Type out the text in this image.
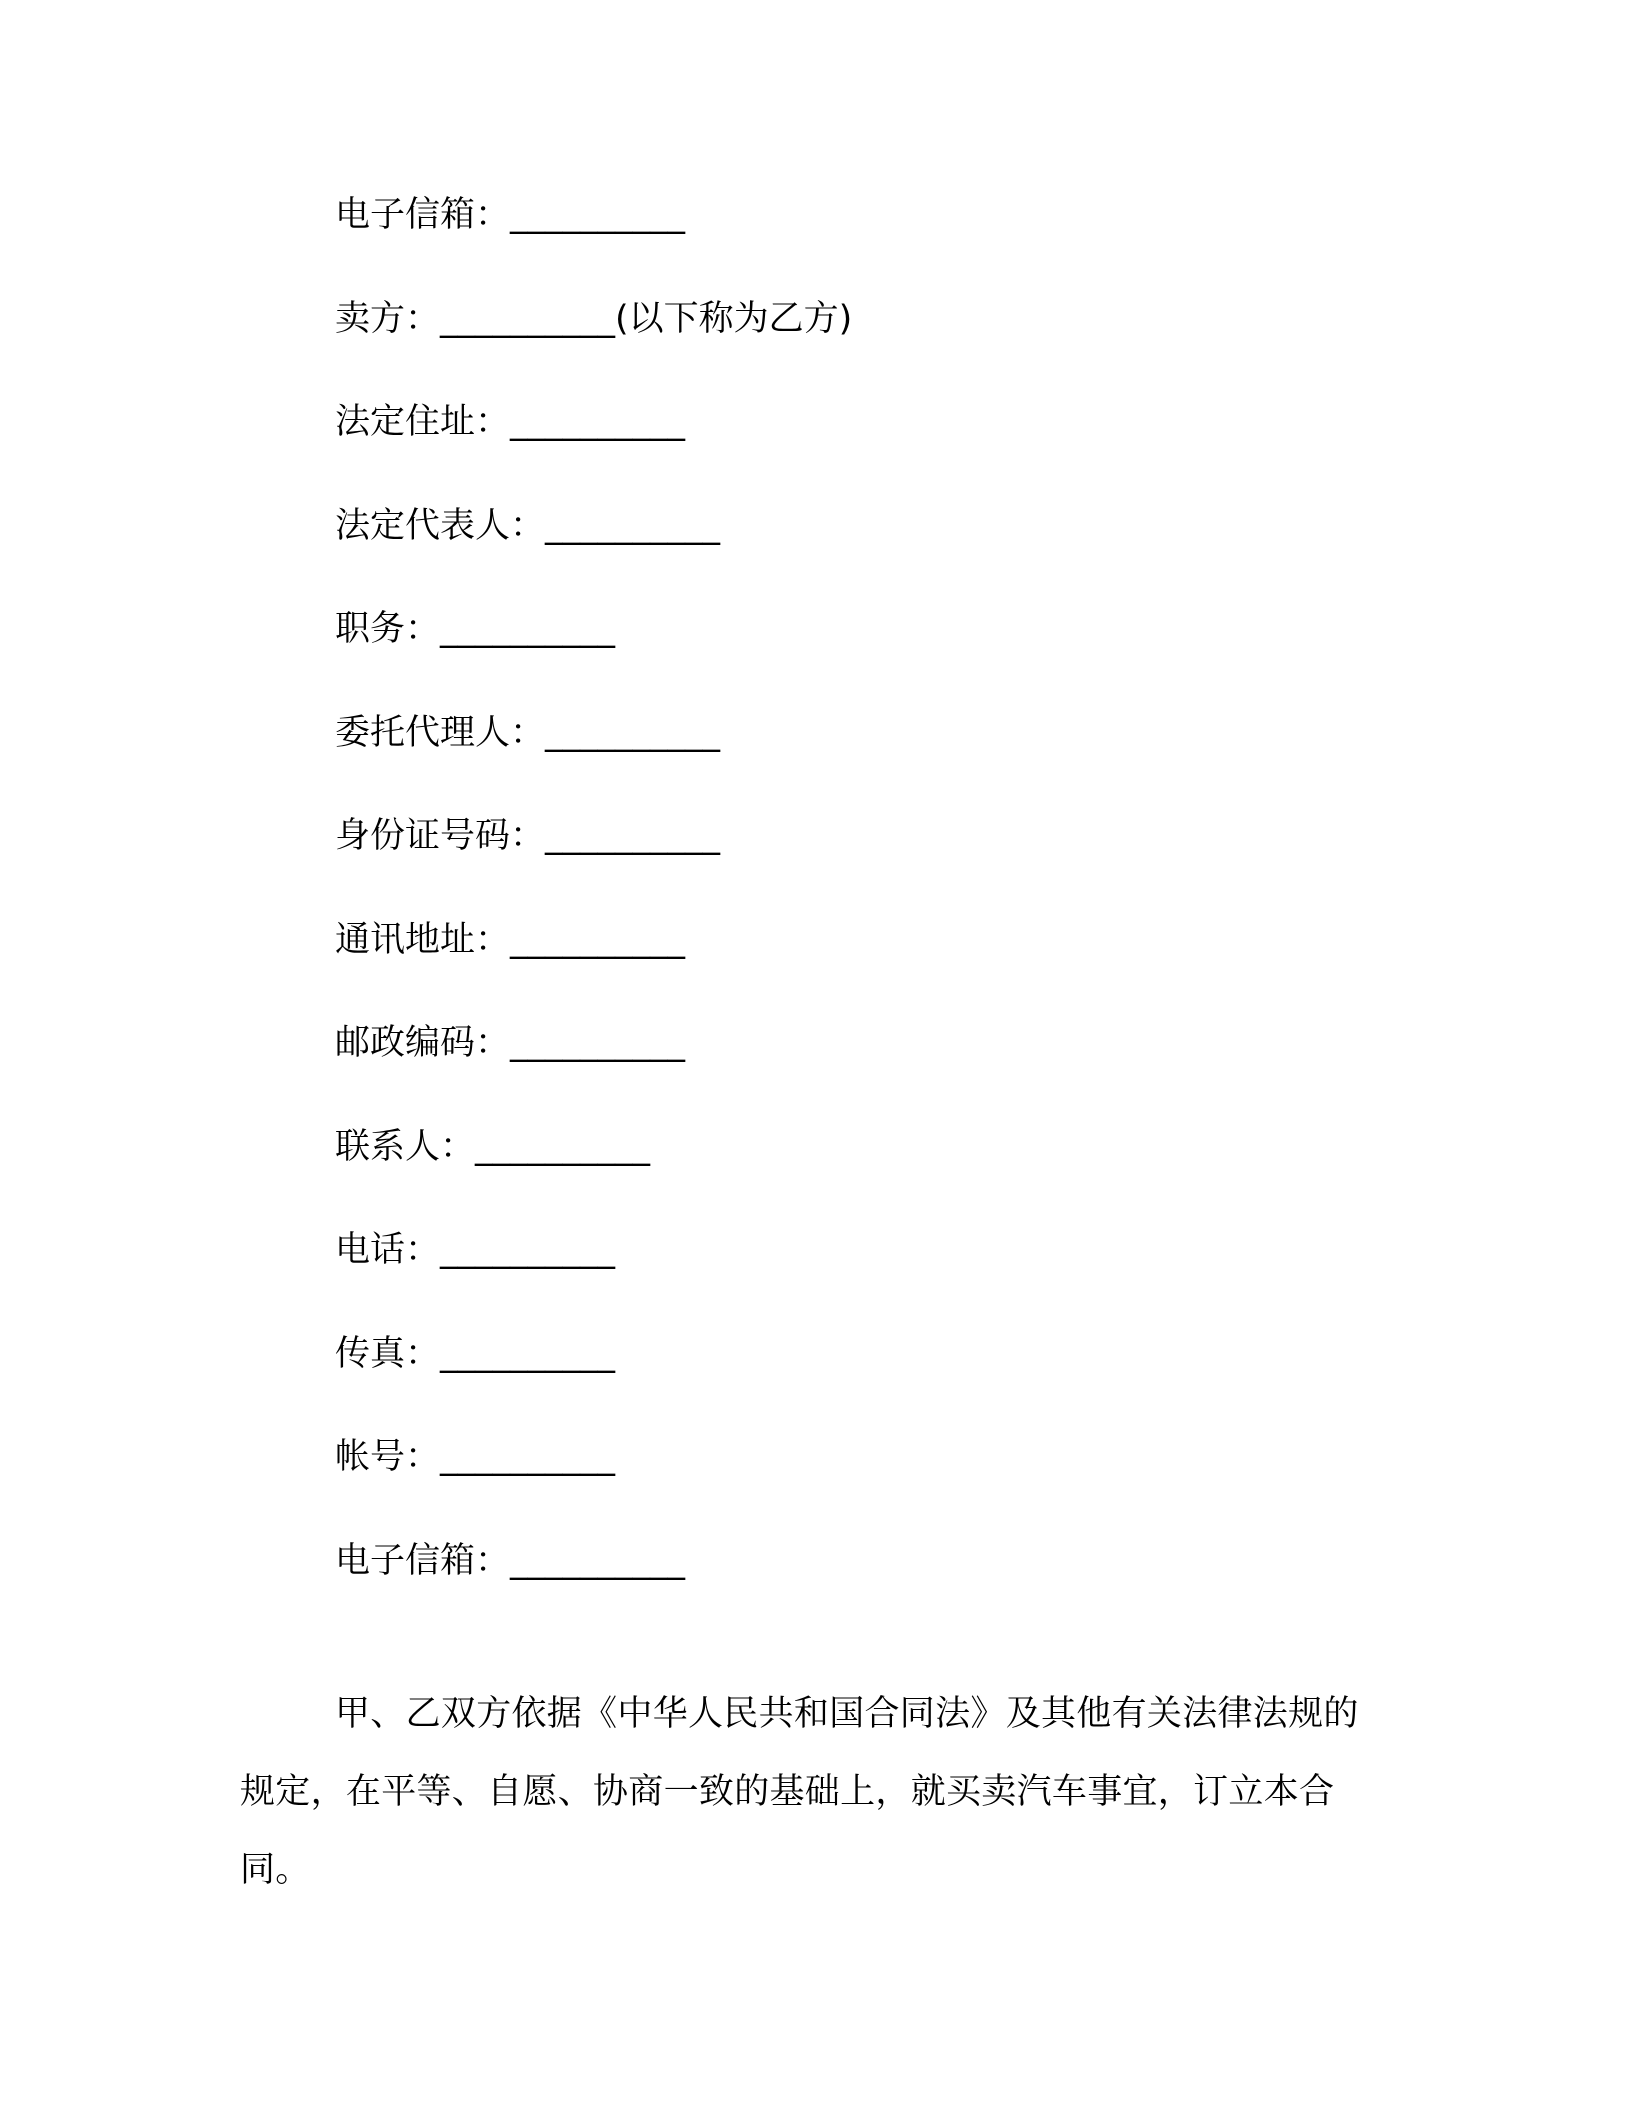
电子信箱：__________
卖方：__________(以下称为乙方)
法定住址：__________
法定代表人：__________
职务：__________
委托代理人：__________
身份证号码：__________
通讯地址：__________
邮政编码：__________
联系人：__________
电话：__________
传真：__________
帐号：__________
电子信箱：__________

甲、乙双方依据《中华人民共和国合同法》及其他有关法律法规的规定，在平等、自愿、协商一致的基础上，就买卖汽车事宜，订立本合同。
